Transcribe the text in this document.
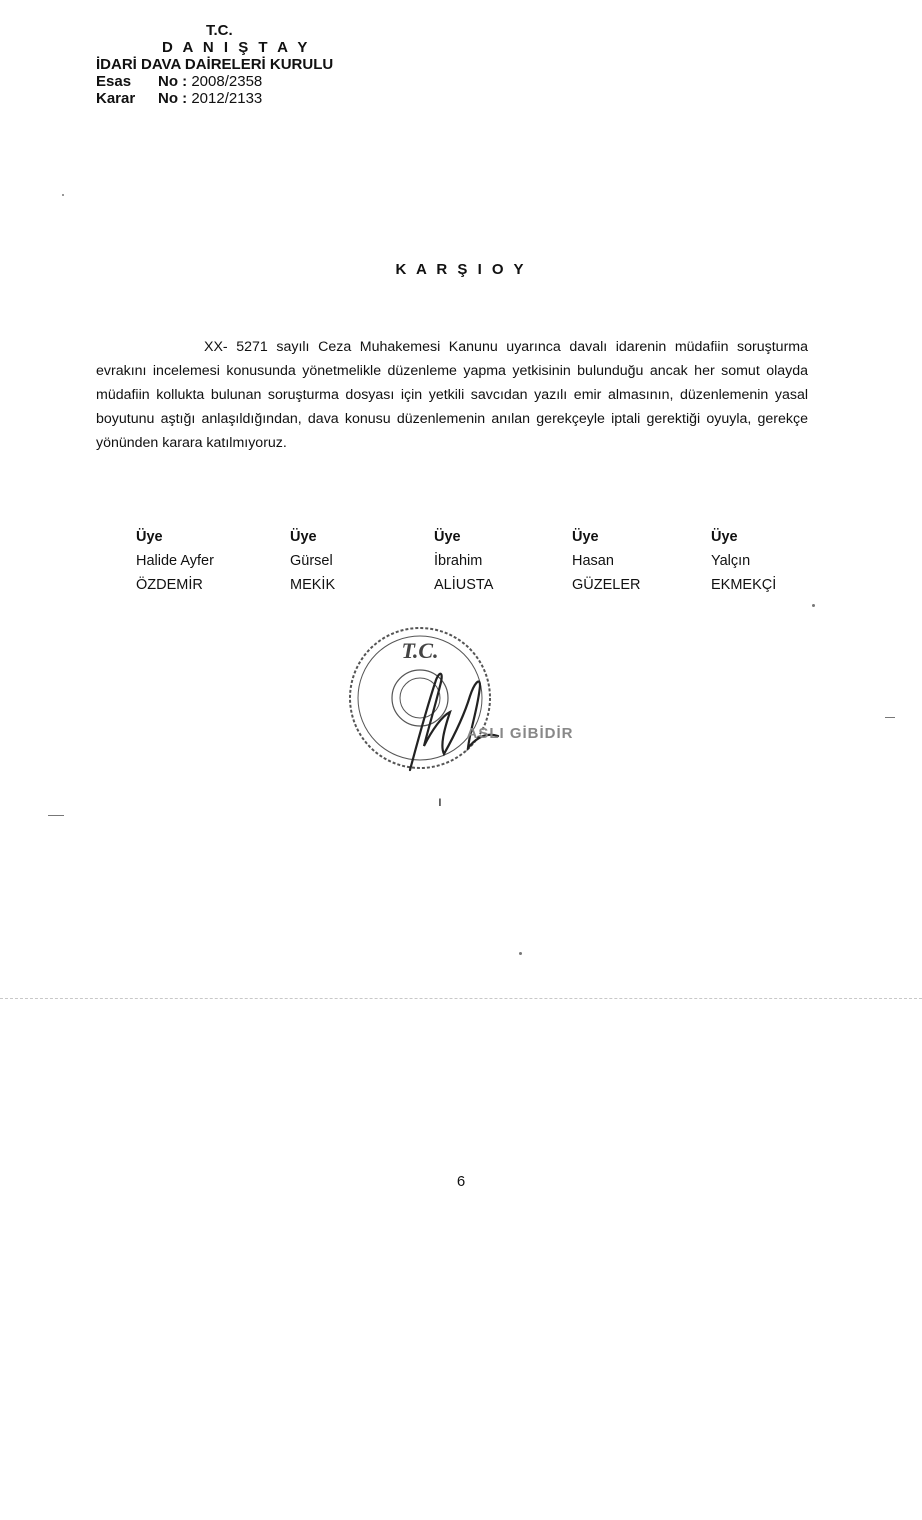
T.C.
D A N I Ş T A Y
İDARİ DAVA DAİRELERİ KURULU
Esas	No :
2008/2358
Karar	No :
2012/2133
K A R Ş I O Y
XX- 5271 sayılı Ceza Muhakemesi Kanunu uyarınca davalı idarenin müdafiin soruşturma evrakını incelemesi konusunda yönetmelikle düzenleme yapma yetkisinin bulunduğu ancak her somut olayda müdafiin kollukta bulunan soruşturma dosyası için yetkili savcıdan yazılı emir almasının, düzenlemenin yasal boyutunu aştığı anlaşıldığından, dava konusu düzenlemenin anılan gerekçeyle iptali gerektiği oyuyla, gerekçe yönünden karara katılmıyoruz.
Üye
Halide Ayfer
ÖZDEMİR
Üye
Gürsel
MEKİK
Üye
İbrahim
ALİUSTA
Üye
Hasan
GÜZELER
Üye
Yalçın
EKMEKÇİ
T.C.
ASLI GİBİDİR
ı
6
